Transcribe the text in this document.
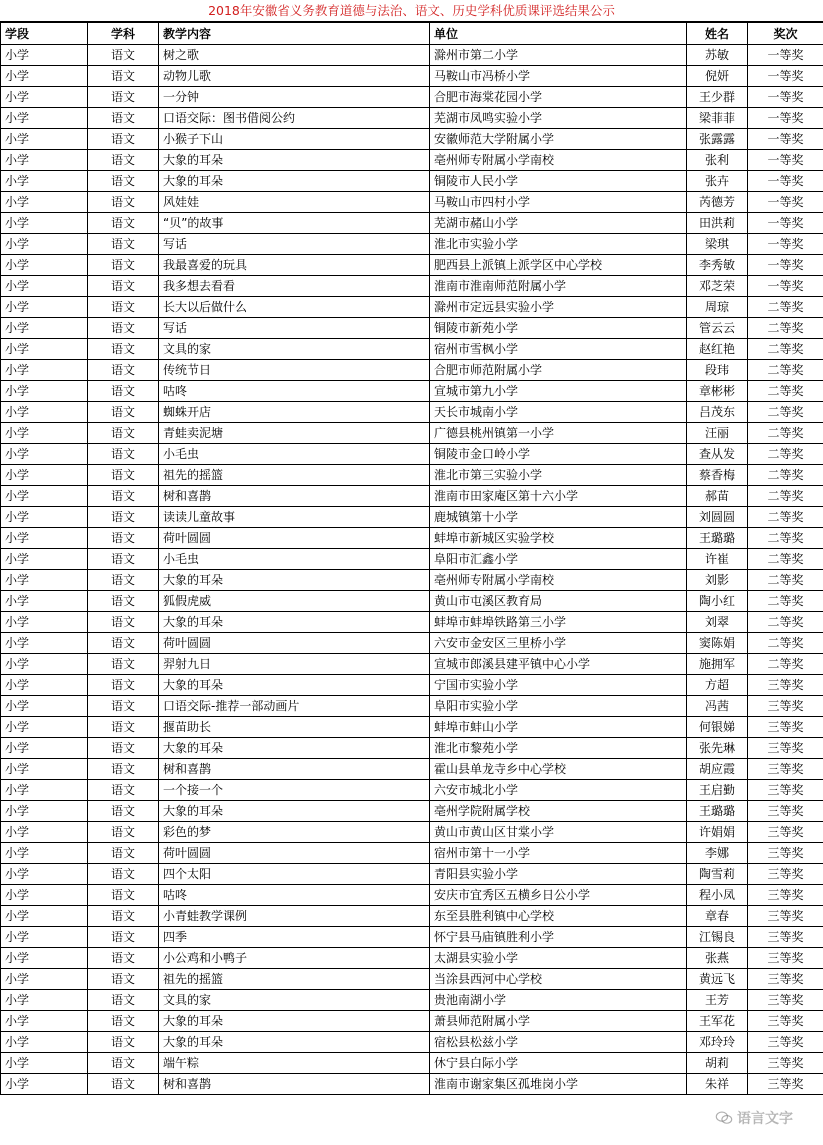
2018年安徽省义务教育道德与法治、语文、历史学科优质课评选结果公示
学段	学科	教学内容	单位	姓名	奖次
小学	语文	树之歌	滁州市第二小学	苏敏	一等奖
小学	语文	动物儿歌	马鞍山市冯桥小学	倪妍	一等奖
小学	语文	一分钟	合肥市海棠花园小学	王少群	一等奖
小学	语文	口语交际：图书借阅公约	芜湖市凤鸣实验小学	梁菲菲	一等奖
小学	语文	小猴子下山	安徽师范大学附属小学	张露露	一等奖
小学	语文	大象的耳朵	亳州师专附属小学南校	张利	一等奖
小学	语文	大象的耳朵	铜陵市人民小学	张卉	一等奖
小学	语文	风娃娃	马鞍山市四村小学	芮德芳	一等奖
小学	语文	“贝”的故事	芜湖市赭山小学	田洪莉	一等奖
小学	语文	写话	淮北市实验小学	梁琪	一等奖
小学	语文	我最喜爱的玩具	肥西县上派镇上派学区中心学校	李秀敏	一等奖
小学	语文	我多想去看看	淮南市淮南师范附属小学	邓芝荣	一等奖
小学	语文	长大以后做什么	滁州市定远县实验小学	周琼	二等奖
小学	语文	写话	铜陵市新苑小学	管云云	二等奖
小学	语文	文具的家	宿州市雪枫小学	赵红艳	二等奖
小学	语文	传统节日	合肥市师范附属小学	段玮	二等奖
小学	语文	咕咚	宣城市第九小学	章彬彬	二等奖
小学	语文	蜘蛛开店	天长市城南小学	吕茂东	二等奖
小学	语文	青蛙卖泥塘	广德县桃州镇第一小学	汪丽	二等奖
小学	语文	小毛虫	铜陵市金口岭小学	查从发	二等奖
小学	语文	祖先的摇篮	淮北市第三实验小学	蔡香梅	二等奖
小学	语文	树和喜鹊	淮南市田家庵区第十六小学	郝苗	二等奖
小学	语文	读读儿童故事	鹿城镇第十小学	刘圆圆	二等奖
小学	语文	荷叶圆圆	蚌埠市新城区实验学校	王璐璐	二等奖
小学	语文	小毛虫	阜阳市汇鑫小学	许崔	二等奖
小学	语文	大象的耳朵	亳州师专附属小学南校	刘影	二等奖
小学	语文	狐假虎威	黄山市屯溪区教育局	陶小红	二等奖
小学	语文	大象的耳朵	蚌埠市蚌埠铁路第三小学	刘翠	二等奖
小学	语文	荷叶圆圆	六安市金安区三里桥小学	窦陈娟	二等奖
小学	语文	羿射九日	宣城市郎溪县建平镇中心小学	施拥军	二等奖
小学	语文	大象的耳朵	宁国市实验小学	方超	三等奖
小学	语文	口语交际-推荐一部动画片	阜阳市实验小学	冯茜	三等奖
小学	语文	揠苗助长	蚌埠市蚌山小学	何银娣	三等奖
小学	语文	大象的耳朵	淮北市黎苑小学	张先琳	三等奖
小学	语文	树和喜鹊	霍山县单龙寺乡中心学校	胡应霞	三等奖
小学	语文	一个接一个	六安市城北小学	王启勤	三等奖
小学	语文	大象的耳朵	亳州学院附属学校	王璐璐	三等奖
小学	语文	彩色的梦	黄山市黄山区甘棠小学	许娟娟	三等奖
小学	语文	荷叶圆圆	宿州市第十一小学	李娜	三等奖
小学	语文	四个太阳	青阳县实验小学	陶雪莉	三等奖
小学	语文	咕咚	安庆市宜秀区五横乡日公小学	程小凤	三等奖
小学	语文	小青蛙教学课例	东至县胜利镇中心学校	章春	三等奖
小学	语文	四季	怀宁县马庙镇胜利小学	江锡良	三等奖
小学	语文	小公鸡和小鸭子	太湖县实验小学	张燕	三等奖
小学	语文	祖先的摇篮	当涂县西河中心学校	黄远飞	三等奖
小学	语文	文具的家	贵池南湖小学	王芳	三等奖
小学	语文	大象的耳朵	萧县师范附属小学	王军花	三等奖
小学	语文	大象的耳朵	宿松县松兹小学	邓玲玲	三等奖
小学	语文	端午粽	休宁县白际小学	胡莉	三等奖
小学	语文	树和喜鹊	淮南市谢家集区孤堆岗小学	朱祥	三等奖
语言文字
